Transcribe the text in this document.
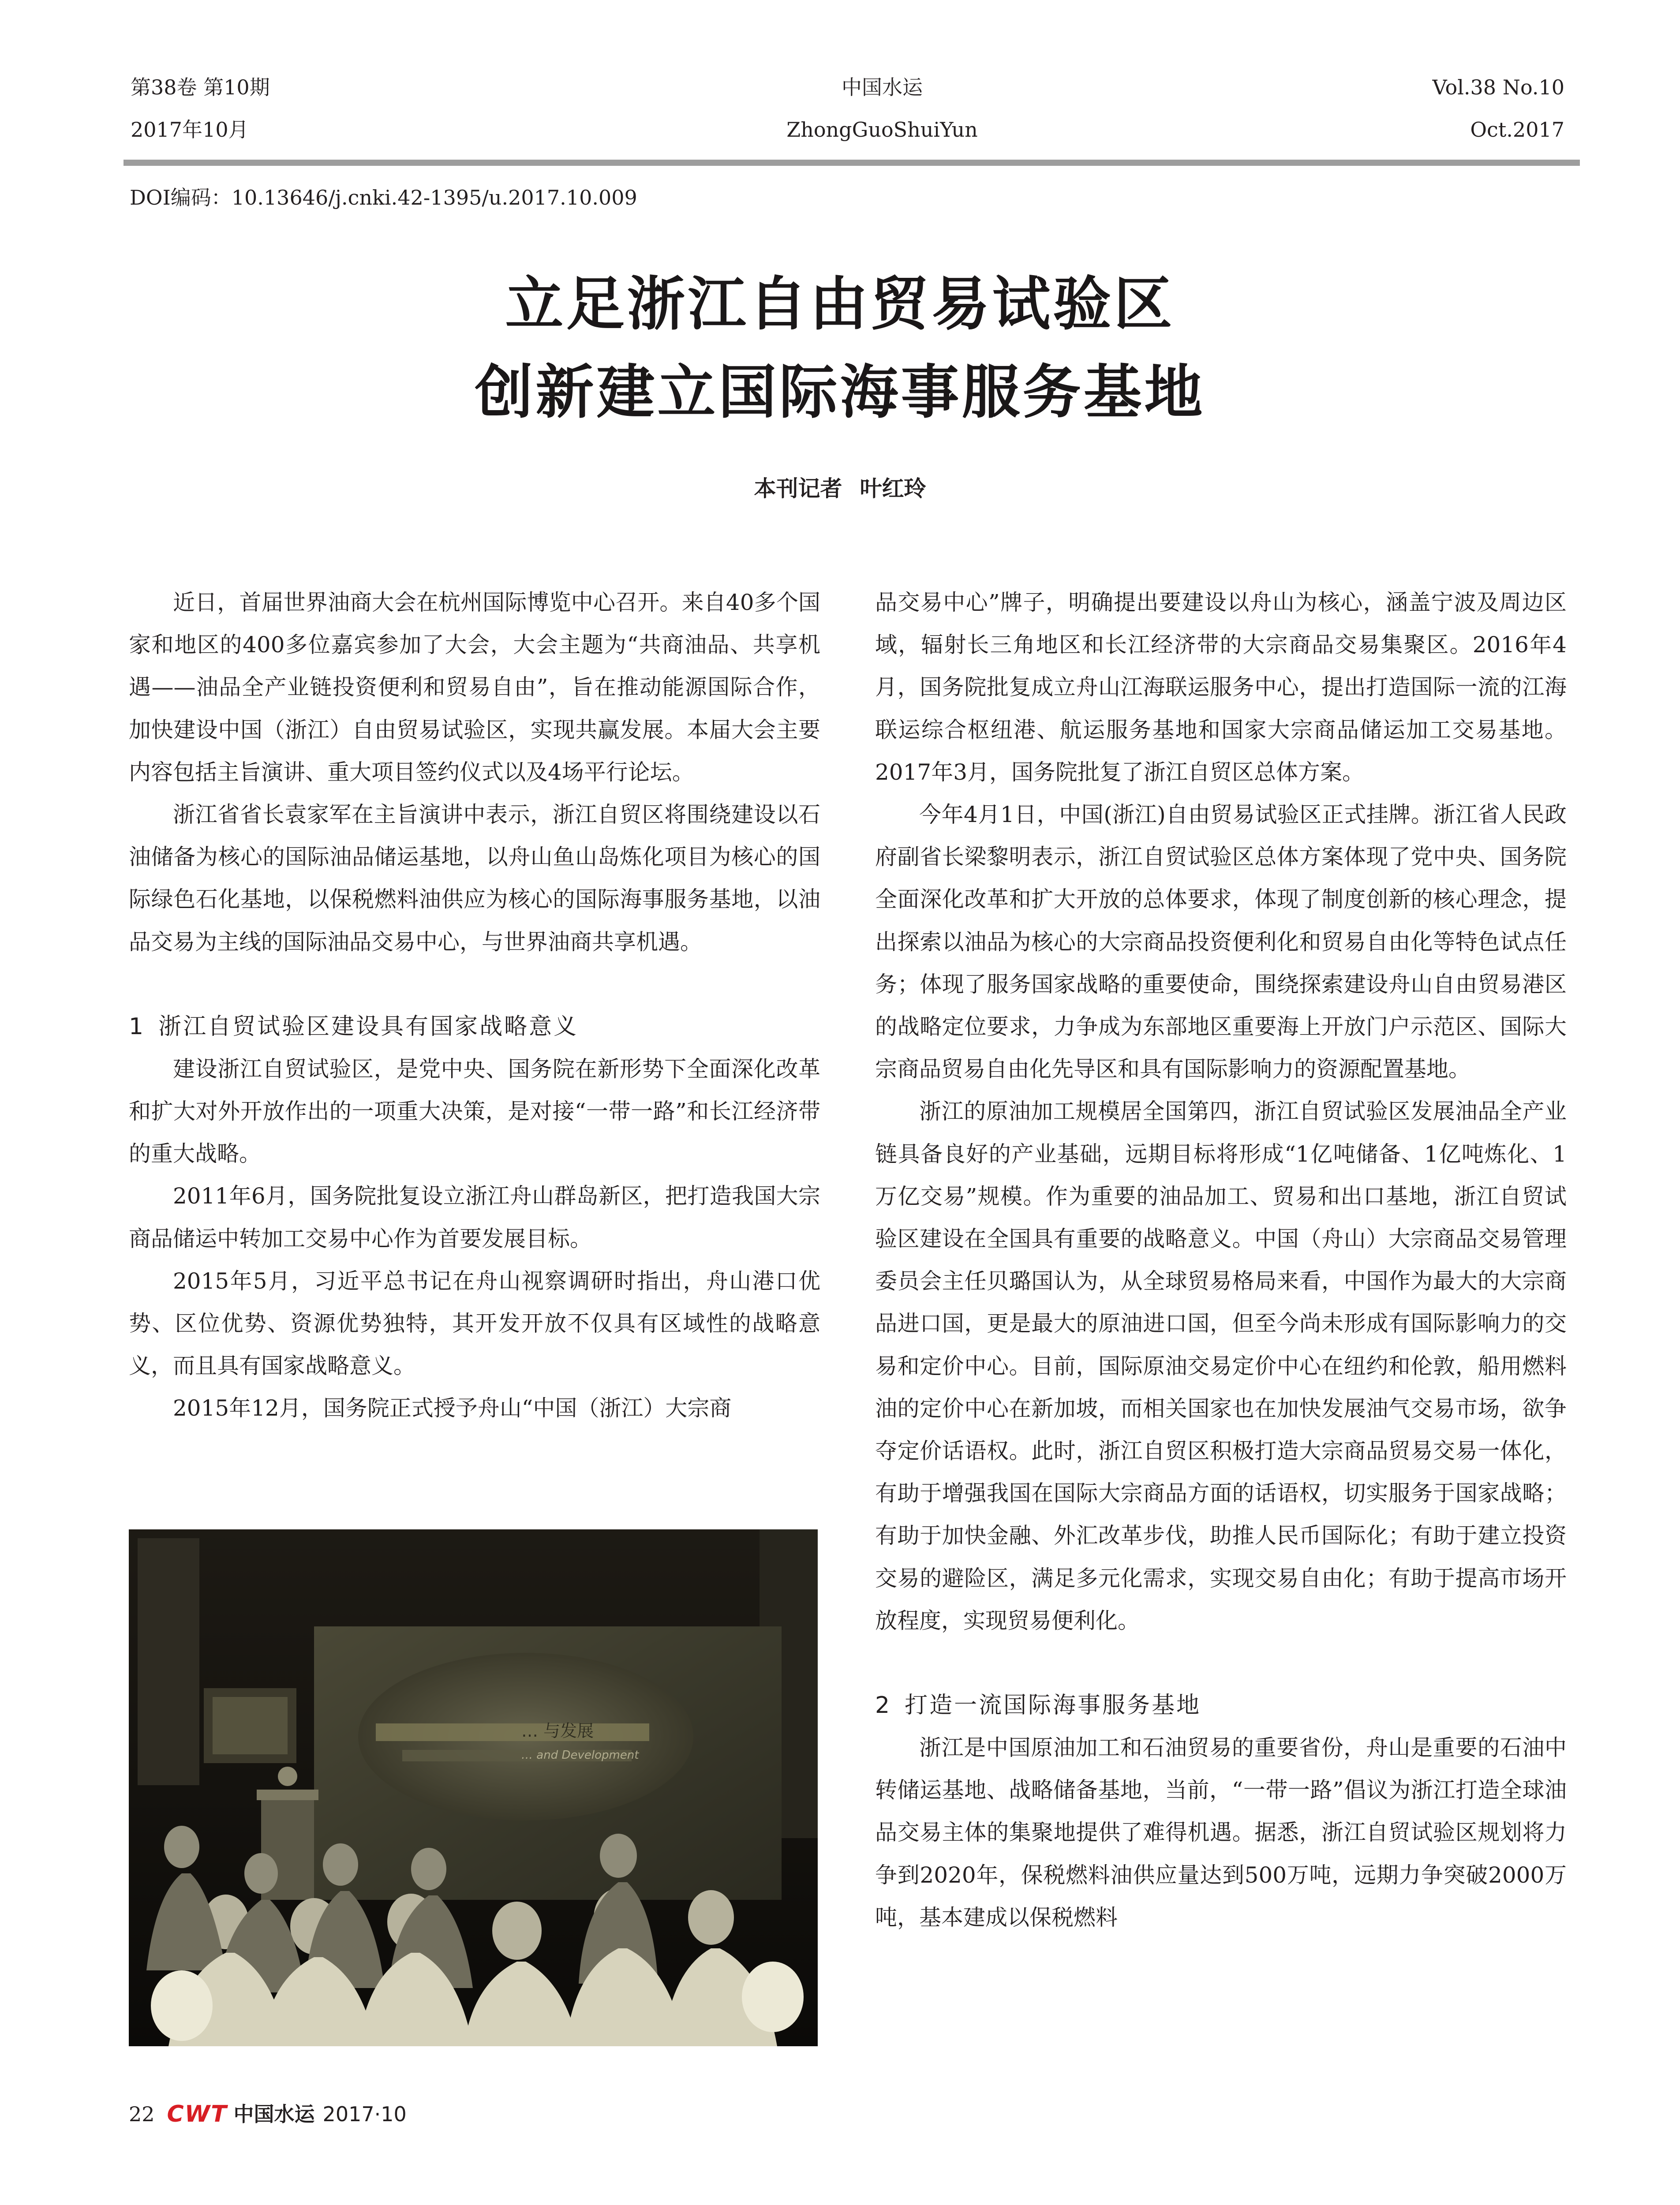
第38卷 第10期
2017年10月
中国水运
ZhongGuoShuiYun
Vol.38 No.10
Oct.2017
DOI编码：10.13646/j.cnki.42-1395/u.2017.10.009
立足浙江自由贸易试验区
创新建立国际海事服务基地
本刊记者 叶红玲

近日，首届世界油商大会在杭州国际博览中心召开。来自40多个国家和地区的400多位嘉宾参加了大会，大会主题为“共商油品、共享机遇——油品全产业链投资便利和贸易自由”，旨在推动能源国际合作，加快建设中国（浙江）自由贸易试验区，实现共赢发展。本届大会主要内容包括主旨演讲、重大项目签约仪式以及4场平行论坛。

浙江省省长袁家军在主旨演讲中表示，浙江自贸区将围绕建设以石油储备为核心的国际油品储运基地，以舟山鱼山岛炼化项目为核心的国际绿色石化基地，以保税燃料油供应为核心的国际海事服务基地，以油品交易为主线的国际油品交易中心，与世界油商共享机遇。

1 浙江自贸试验区建设具有国家战略意义

建设浙江自贸试验区，是党中央、国务院在新形势下全面深化改革和扩大对外开放作出的一项重大决策，是对接“一带一路”和长江经济带的重大战略。

2011年6月，国务院批复设立浙江舟山群岛新区，把打造我国大宗商品储运中转加工交易中心作为首要发展目标。

2015年5月，习近平总书记在舟山视察调研时指出，舟山港口优势、区位优势、资源优势独特，其开发开放不仅具有区域性的战略意义，而且具有国家战略意义。

2015年12月，国务院正式授予舟山“中国（浙江）大宗商

… 与发展
… and Development

品交易中心”牌子，明确提出要建设以舟山为核心，涵盖宁波及周边区域，辐射长三角地区和长江经济带的大宗商品交易集聚区。2016年4月，国务院批复成立舟山江海联运服务中心，提出打造国际一流的江海联运综合枢纽港、航运服务基地和国家大宗商品储运加工交易基地。2017年3月，国务院批复了浙江自贸区总体方案。

今年4月1日，中国(浙江)自由贸易试验区正式挂牌。浙江省人民政府副省长梁黎明表示，浙江自贸试验区总体方案体现了党中央、国务院全面深化改革和扩大开放的总体要求，体现了制度创新的核心理念，提出探索以油品为核心的大宗商品投资便利化和贸易自由化等特色试点任务；体现了服务国家战略的重要使命，围绕探索建设舟山自由贸易港区的战略定位要求，力争成为东部地区重要海上开放门户示范区、国际大宗商品贸易自由化先导区和具有国际影响力的资源配置基地。

浙江的原油加工规模居全国第四，浙江自贸试验区发展油品全产业链具备良好的产业基础，远期目标将形成“1亿吨储备、1亿吨炼化、1万亿交易”规模。作为重要的油品加工、贸易和出口基地，浙江自贸试验区建设在全国具有重要的战略意义。中国（舟山）大宗商品交易管理委员会主任贝璐国认为，从全球贸易格局来看，中国作为最大的大宗商品进口国，更是最大的原油进口国，但至今尚未形成有国际影响力的交易和定价中心。目前，国际原油交易定价中心在纽约和伦敦，船用燃料油的定价中心在新加坡，而相关国家也在加快发展油气交易市场，欲争夺定价话语权。此时，浙江自贸区积极打造大宗商品贸易交易一体化，有助于增强我国在国际大宗商品方面的话语权，切实服务于国家战略；有助于加快金融、外汇改革步伐，助推人民币国际化；有助于建立投资交易的避险区，满足多元化需求，实现交易自由化；有助于提高市场开放程度，实现贸易便利化。

2 打造一流国际海事服务基地

浙江是中国原油加工和石油贸易的重要省份，舟山是重要的石油中转储运基地、战略储备基地，当前，“一带一路”倡议为浙江打造全球油品交易主体的集聚地提供了难得机遇。据悉，浙江自贸试验区规划将力争到2020年，保税燃料油供应量达到500万吨，远期力争突破2000万吨，基本建成以保税燃料

22 CWT 中国水运 2017·10
